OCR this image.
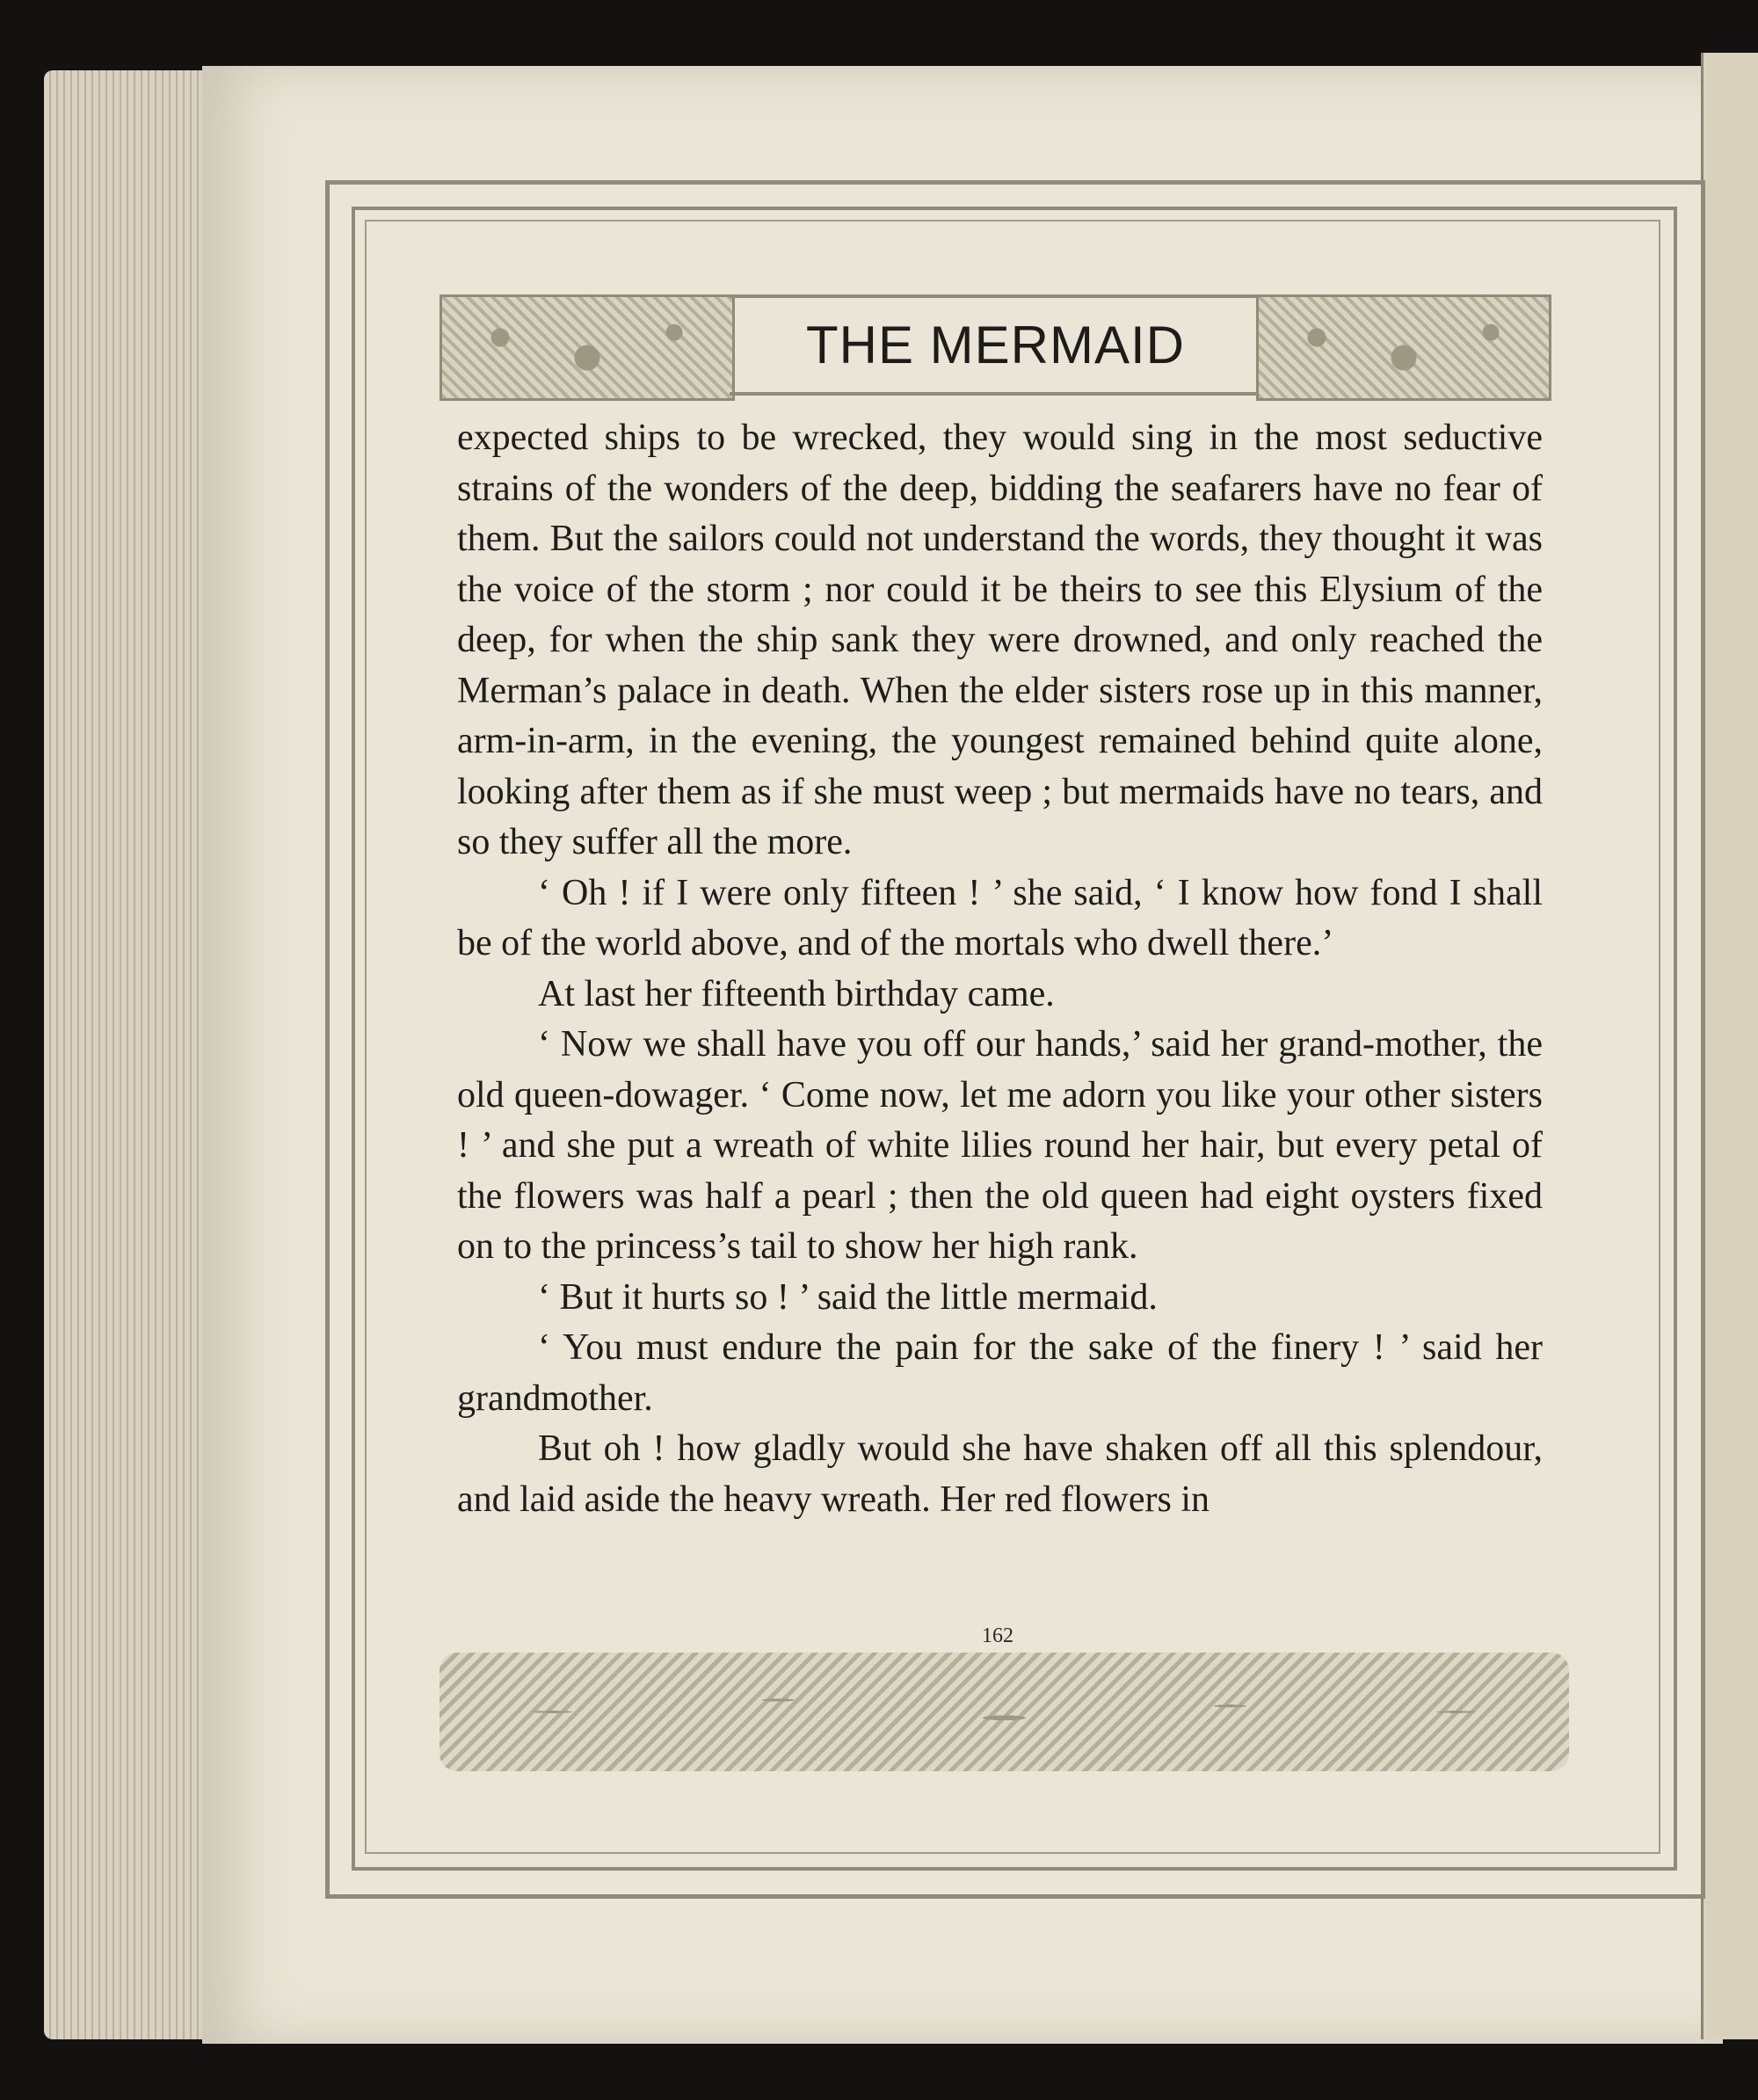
THE MERMAID

expected ships to be wrecked, they would sing in the most seductive strains of the wonders of the deep, bidding the seafarers have no fear of them. But the sailors could not understand the words, they thought it was the voice of the storm ; nor could it be theirs to see this Elysium of the deep, for when the ship sank they were drowned, and only reached the Merman’s palace in death. When the elder sisters rose up in this manner, arm-in-arm, in the evening, the youngest remained behind quite alone, looking after them as if she must weep ; but mermaids have no tears, and so they suffer all the more.

‘ Oh ! if I were only fifteen ! ’ she said, ‘ I know how fond I shall be of the world above, and of the mortals who dwell there.’

At last her fifteenth birthday came.

‘ Now we shall have you off our hands,’ said her grand-mother, the old queen-dowager. ‘ Come now, let me adorn you like your other sisters ! ’ and she put a wreath of white lilies round her hair, but every petal of the flowers was half a pearl ; then the old queen had eight oysters fixed on to the princess’s tail to show her high rank.

‘ But it hurts so ! ’ said the little mermaid.

‘ You must endure the pain for the sake of the finery ! ’ said her grandmother.

But oh ! how gladly would she have shaken off all this splendour, and laid aside the heavy wreath. Her red flowers in

162
